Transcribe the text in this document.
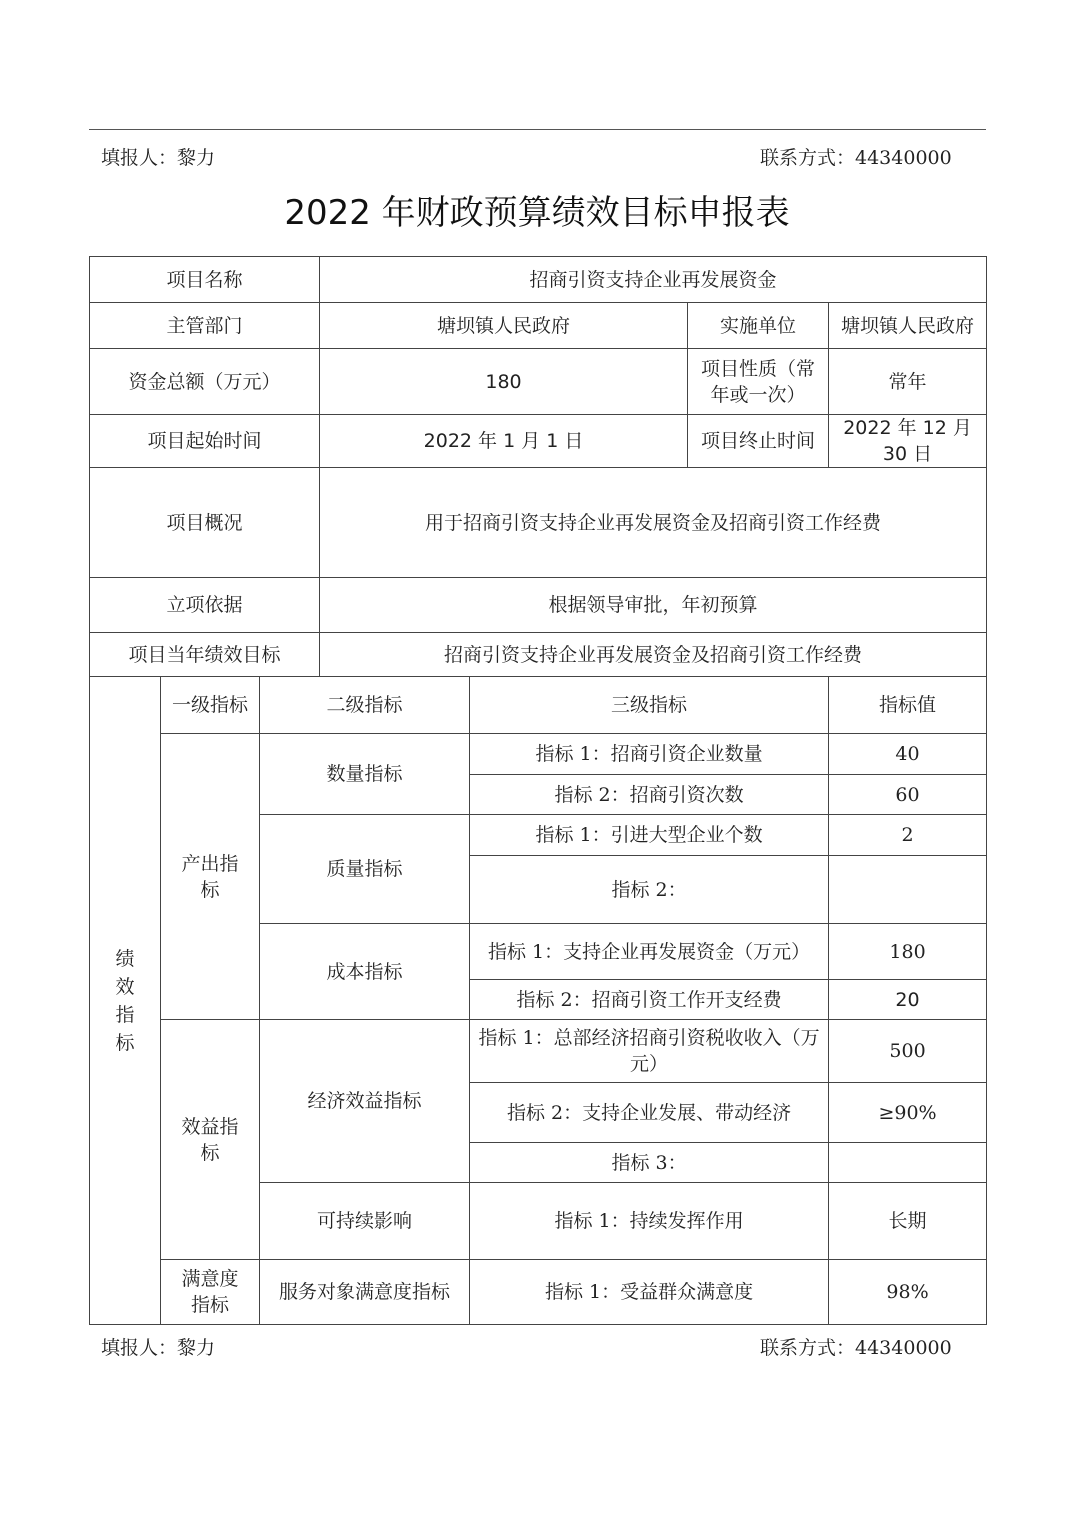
填报人：黎力	联系方式：44340000
2022 年财政预算绩效目标申报表
项目名称			招商引资支持企业再发展资金			
主管部门			塘坝镇人民政府		实施单位	塘坝镇人民政府
资金总额（万元）			180		项目性质（常年或一次）	常年
项目起始时间			2022 年 1 月 1 日		项目终止时间	2022 年 12 月 30 日
项目概况			用于招商引资支持企业再发展资金及招商引资工作经费			
立项依据			根据领导审批，年初预算			
项目当年绩效目标			招商引资支持企业再发展资金及招商引资工作经费			

绩效指标	一级指标	二级指标		三级指标		指标值

	产出指标	数量指标		指标 1：招商引资企业数量		40
				指标 2：招商引资次数		60
		质量指标		指标 1：引进大型企业个数		2
				指标 2：		
		成本指标		指标 1：支持企业再发展资金（万元）		180
				指标 2：招商引资工作开支经费		20

	效益指标	经济效益指标		指标 1：总部经济招商引资税收收入（万元）		500
				指标 2：支持企业发展、带动经济		≥90%
				指标 3：		
		可持续影响		指标 1：持续发挥作用		长期

	满意度指标	服务对象满意度指标		指标 1：受益群众满意度		98%
填报人：黎力	联系方式：44340000
